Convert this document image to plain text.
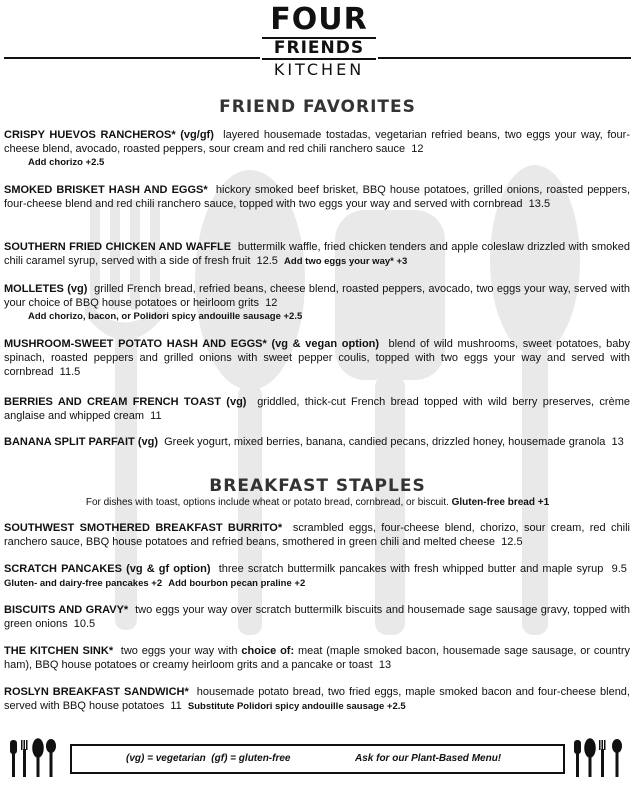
FOUR
FRIENDS
KITCHEN
FRIEND FAVORITES
CRISPY HUEVOS RANCHEROS* (vg/gf) layered housemade tostadas, vegetarian refried beans, two eggs your way, four-cheese blend, avocado, roasted peppers, sour cream and red chili ranchero sauce 12
Add chorizo +2.5
SMOKED BRISKET HASH AND EGGS* hickory smoked beef brisket, BBQ house potatoes, grilled onions, roasted peppers, four-cheese blend and red chili ranchero sauce, topped with two eggs your way and served with cornbread 13.5
SOUTHERN FRIED CHICKEN AND WAFFLE buttermilk waffle, fried chicken tenders and apple coleslaw drizzled with smoked chili caramel syrup, served with a side of fresh fruit 12.5 Add two eggs your way* +3
MOLLETES (vg) grilled French bread, refried beans, cheese blend, roasted peppers, avocado, two eggs your way, served with your choice of BBQ house potatoes or heirloom grits 12
Add chorizo, bacon, or Polidori spicy andouille sausage +2.5
MUSHROOM-SWEET POTATO HASH AND EGGS* (vg & vegan option) blend of wild mushrooms, sweet potatoes, baby spinach, roasted peppers and grilled onions with sweet pepper coulis, topped with two eggs your way and served with cornbread 11.5
BERRIES AND CREAM FRENCH TOAST (vg) griddled, thick-cut French bread topped with wild berry preserves, crème anglaise and whipped cream 11
BANANA SPLIT PARFAIT (vg) Greek yogurt, mixed berries, banana, candied pecans, drizzled honey, housemade granola 13
BREAKFAST STAPLES
For dishes with toast, options include wheat or potato bread, cornbread, or biscuit. Gluten-free bread +1
SOUTHWEST SMOTHERED BREAKFAST BURRITO* scrambled eggs, four-cheese blend, chorizo, sour cream, red chili ranchero sauce, BBQ house potatoes and refried beans, smothered in green chili and melted cheese 12.5
SCRATCH PANCAKES (vg & gf option) three scratch buttermilk pancakes with fresh whipped butter and maple syrup 9.5  Gluten- and dairy-free pancakes +2 Add bourbon pecan praline +2
BISCUITS AND GRAVY* two eggs your way over scratch buttermilk biscuits and housemade sage sausage gravy, topped with green onions 10.5
THE KITCHEN SINK* two eggs your way with choice of: meat (maple smoked bacon, housemade sage sausage, or country ham), BBQ house potatoes or creamy heirloom grits and a pancake or toast 13
ROSLYN BREAKFAST SANDWICH* housemade potato bread, two fried eggs, maple smoked bacon and four-cheese blend, served with BBQ house potatoes 11 Substitute Polidori spicy andouille sausage +2.5
(vg) = vegetarian  (gf) = gluten-free	Ask for our Plant-Based Menu!
